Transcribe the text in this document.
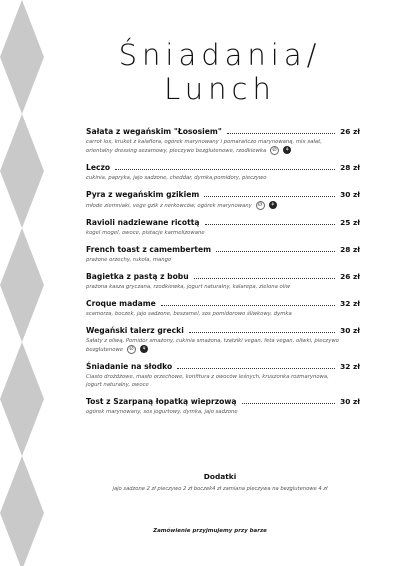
Śniadania/ Lunch
Sałata z wegańskim "Łososiem"	26 zł
carrot lox, kruket z kalafiora, ogórek marynowany i pomarańczo marynowaną, mix sałat, orientalny dressing sezamowy, pieczywo bezglutenowe, rzodkiewka	∅	⚘
Leczo	28 zł
cukinia, papryka, jajo sadzone, cheddar, dymka,pomidory, pieczywo
Pyra z wegańskim gzikiem	30 zł
młode ziemniaki, vege gzik z nerkowców, ogórek marynowany	∅	⚘
Ravioli nadziewane ricottą	25 zł
kogel mogel, owoce, pistacje karmelizowane
French toast z camembertem	28 zł
prażone orzechy, rukola, mango
Bagietka z pastą z bobu	26 zł
prażona kasza gryczana, rzodkiewka, jogurt naturalny, kalarepa, zielona oliw
Croque madame	32 zł
scamorza, boczek, jajo sadzone, beszamel, sos pomidorowo śliwkowy, dymka
Wegański talerz grecki	30 zł
Sałaty z oliwą, Pomidor smażony, cukinia smażona, tzatziki vegan, feta vegan, oliwki, pieczywo bezglutenowe	∅	⚘
Śniadanie na słodko	32 zł
Ciasto drożdżowe, masło orzechowe, konfitura z owoców leśnych, kruszonka rozmarynowa, jogurt naturalny, owoce
Tost z Szarpaną łopatką wieprzową	30 zł
ogórek marynowany, sos jogurtowy, dymka, jajo sadzone
Dodatki
jajo sadzone 2 zł pieczywo 2 zł boczek4 zł zamiana pieczywa na bezglutenowe 4 zł
Zamówienie przyjmujemy przy barze
